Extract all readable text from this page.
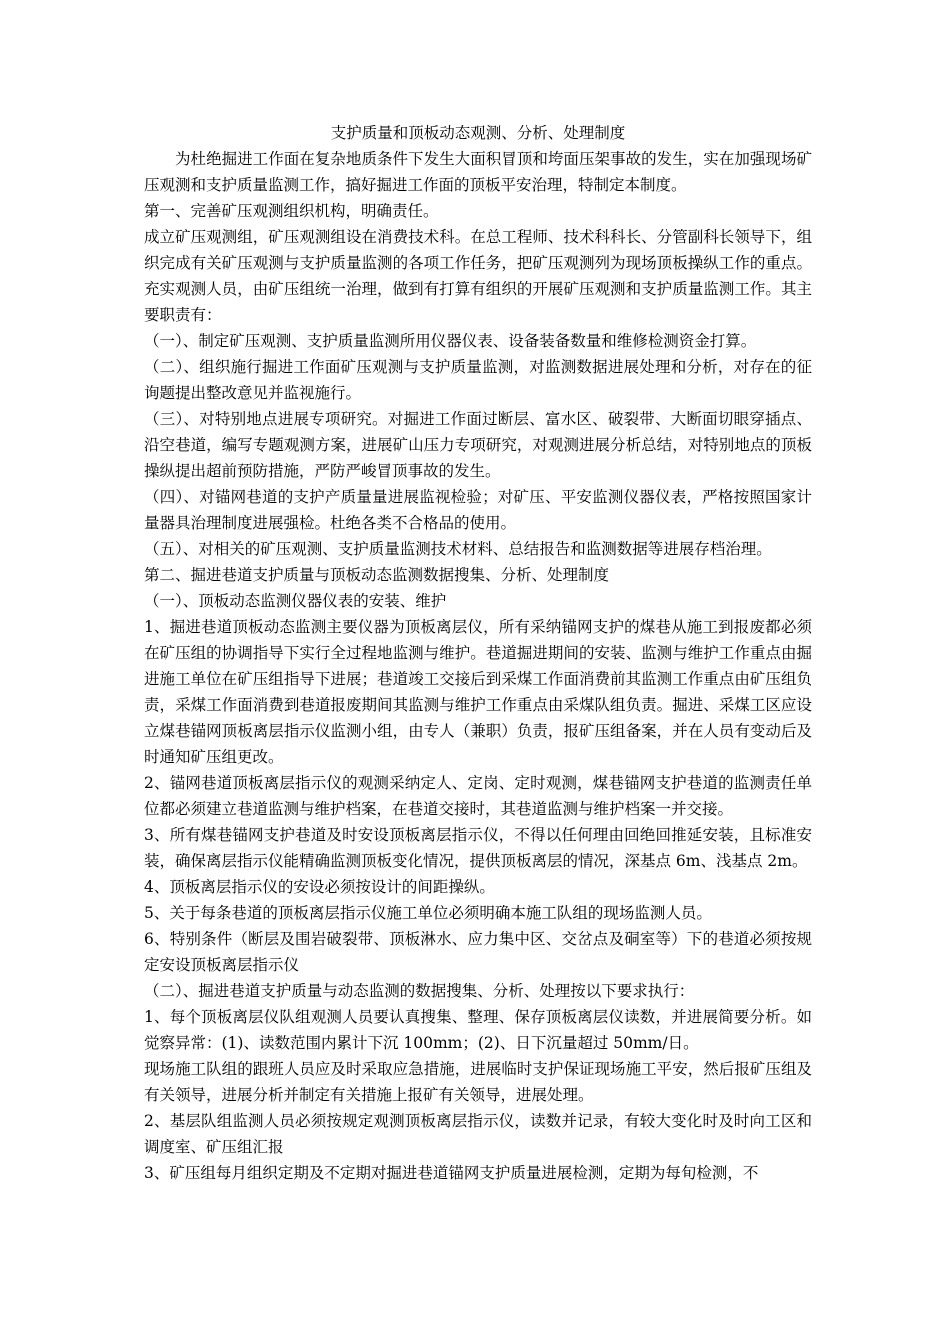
支护质量和顶板动态观测、分析、处理制度

为杜绝掘进工作面在复杂地质条件下发生大面积冒顶和垮面压架事故的发生，实在加强现场矿压观测和支护质量监测工作，搞好掘进工作面的顶板平安治理，特制定本制度。

第一、完善矿压观测组织机构，明确责任。

成立矿压观测组，矿压观测组设在消费技术科。在总工程师、技术科科长、分管副科长领导下，组织完成有关矿压观测与支护质量监测的各项工作任务，把矿压观测列为现场顶板操纵工作的重点。充实观测人员，由矿压组统一治理，做到有打算有组织的开展矿压观测和支护质量监测工作。其主要职责有：

（一）、制定矿压观测、支护质量监测所用仪器仪表、设备装备数量和维修检测资金打算。

（二）、组织施行掘进工作面矿压观测与支护质量监测，对监测数据进展处理和分析，对存在的征询题提出整改意见并监视施行。

（三）、对特别地点进展专项研究。对掘进工作面过断层、富水区、破裂带、大断面切眼穿插点、沿空巷道，编写专题观测方案，进展矿山压力专项研究，对观测进展分析总结，对特别地点的顶板操纵提出超前预防措施，严防严峻冒顶事故的发生。

（四）、对锚网巷道的支护产质量量进展监视检验；对矿压、平安监测仪器仪表，严格按照国家计量器具治理制度进展强检。杜绝各类不合格品的使用。

（五）、对相关的矿压观测、支护质量监测技术材料、总结报告和监测数据等进展存档治理。

第二、掘进巷道支护质量与顶板动态监测数据搜集、分析、处理制度

（一）、顶板动态监测仪器仪表的安装、维护

1、掘进巷道顶板动态监测主要仪器为顶板离层仪，所有采纳锚网支护的煤巷从施工到报废都必须在矿压组的协调指导下实行全过程地监测与维护。巷道掘进期间的安装、监测与维护工作重点由掘进施工单位在矿压组指导下进展；巷道竣工交接后到采煤工作面消费前其监测工作重点由矿压组负责，采煤工作面消费到巷道报废期间其监测与维护工作重点由采煤队组负责。掘进、采煤工区应设立煤巷锚网顶板离层指示仪监测小组，由专人（兼职）负责，报矿压组备案，并在人员有变动后及时通知矿压组更改。

2、锚网巷道顶板离层指示仪的观测采纳定人、定岗、定时观测，煤巷锚网支护巷道的监测责任单位都必须建立巷道监测与维护档案，在巷道交接时，其巷道监测与维护档案一并交接。

3、所有煤巷锚网支护巷道及时安设顶板离层指示仪，不得以任何理由回绝回推延安装，且标准安装，确保离层指示仪能精确监测顶板变化情况，提供顶板离层的情况，深基点 6m、浅基点 2m。

4、顶板离层指示仪的安设必须按设计的间距操纵。

5、关于每条巷道的顶板离层指示仪施工单位必须明确本施工队组的现场监测人员。

6、特别条件（断层及围岩破裂带、顶板淋水、应力集中区、交岔点及硐室等）下的巷道必须按规定安设顶板离层指示仪

（二）、掘进巷道支护质量与动态监测的数据搜集、分析、处理按以下要求执行：

1、每个顶板离层仪队组观测人员要认真搜集、整理、保存顶板离层仪读数，并进展简要分析。如觉察异常：(1)、读数范围内累计下沉 100mm；(2)、日下沉量超过 50mm/日。

现场施工队组的跟班人员应及时采取应急措施，进展临时支护保证现场施工平安，然后报矿压组及有关领导，进展分析并制定有关措施上报矿有关领导，进展处理。

2、基层队组监测人员必须按规定观测顶板离层指示仪，读数并记录，有较大变化时及时向工区和调度室、矿压组汇报

3、矿压组每月组织定期及不定期对掘进巷道锚网支护质量进展检测，定期为每旬检测，不
